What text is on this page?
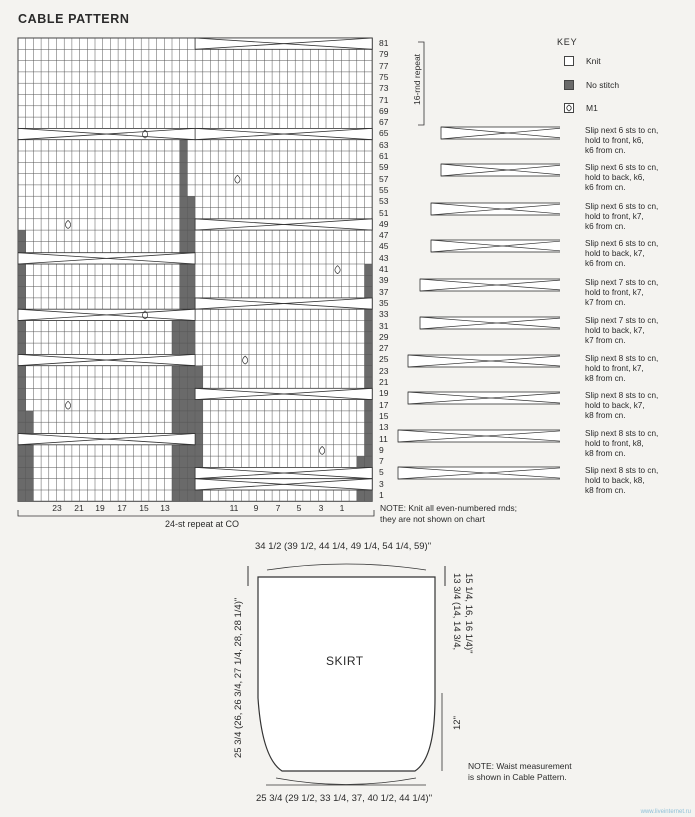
CABLE PATTERN
81
79
77
75
73
71
69
67
65
63
61
59
57
55
53
51
49
47
45
43
41
39
37
35
33
31
29
27
25
23
21
19
17
15
13
11
9
7
5
3
1
23	21	19	17	15	13	11	9	7	5	3	1
16-rnd repeat
24-st repeat at CO
NOTE: Knit all even-numbered rnds;
they are not shown on chart
KEY
Knit
No stitch
M1
Slip next 6 sts to cn,
hold to front, k6,
k6 from cn.
Slip next 6 sts to cn,
hold to back, k6,
k6 from cn.
Slip next 6 sts to cn,
hold to front, k7,
k6 from cn.
Slip next 6 sts to cn,
hold to back, k7,
k6 from cn.
Slip next 7 sts to cn,
hold to front, k7,
k7 from cn.
Slip next 7 sts to cn,
hold to back, k7,
k7 from cn.
Slip next 8 sts to cn,
hold to front, k7,
k8 from cn.
Slip next 8 sts to cn,
hold to back, k7,
k8 from cn.
Slip next 8 sts to cn,
hold to front, k8,
k8 from cn.
Slip next 8 sts to cn,
hold to back, k8,
k8 from cn.
34 1/2 (39 1/2, 44 1/4, 49 1/4, 54 1/4, 59)"
SKIRT
25 3/4 (26, 26 3/4, 27 1/4, 28, 28 1/4)"	13 3/4 (14, 14 3/4, 15 1/4, 16, 16 1/4)"
12"
25 3/4 (29 1/2, 33 1/4, 37, 40 1/2, 44 1/4)"
NOTE: Waist measurement
is shown in Cable Pattern.
www.liveinternet.ru
